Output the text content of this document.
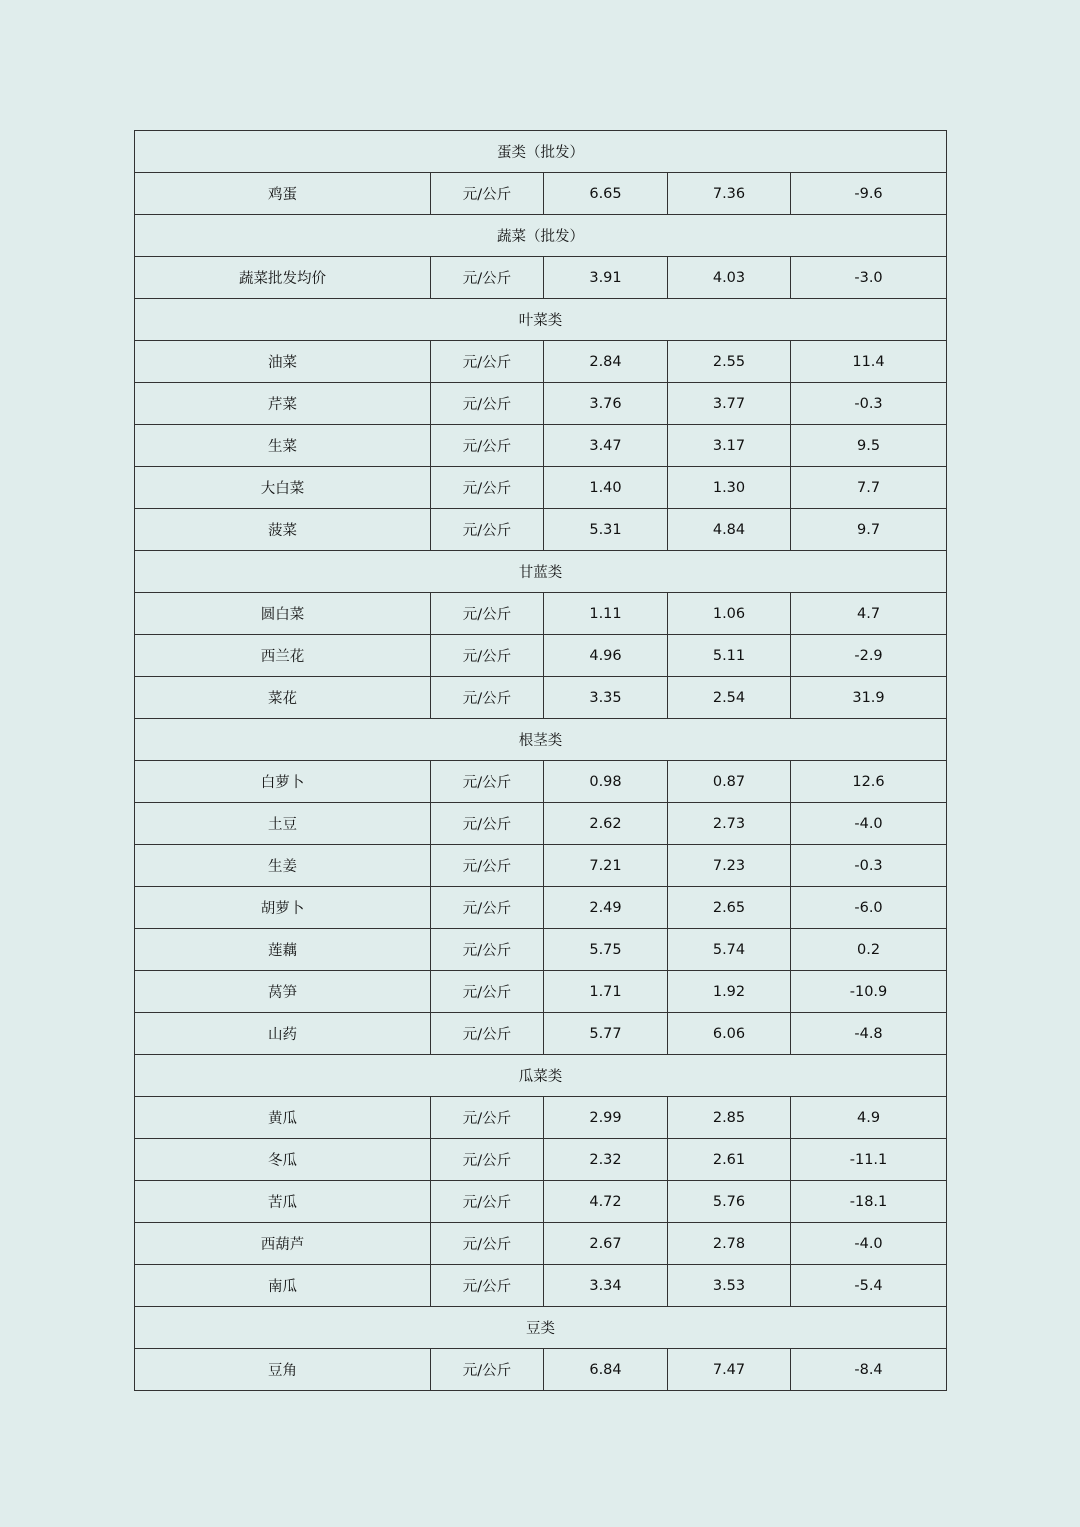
蛋类（批发）				
鸡蛋	元/公斤	6.65	7.36	-9.6
蔬菜（批发）				
蔬菜批发均价	元/公斤	3.91	4.03	-3.0
叶菜类				
油菜	元/公斤	2.84	2.55	11.4
芹菜	元/公斤	3.76	3.77	-0.3
生菜	元/公斤	3.47	3.17	9.5
大白菜	元/公斤	1.40	1.30	7.7
菠菜	元/公斤	5.31	4.84	9.7
甘蓝类				
圆白菜	元/公斤	1.11	1.06	4.7
西兰花	元/公斤	4.96	5.11	-2.9
菜花	元/公斤	3.35	2.54	31.9
根茎类				
白萝卜	元/公斤	0.98	0.87	12.6
土豆	元/公斤	2.62	2.73	-4.0
生姜	元/公斤	7.21	7.23	-0.3
胡萝卜	元/公斤	2.49	2.65	-6.0
莲藕	元/公斤	5.75	5.74	0.2
莴笋	元/公斤	1.71	1.92	-10.9
山药	元/公斤	5.77	6.06	-4.8
瓜菜类				
黄瓜	元/公斤	2.99	2.85	4.9
冬瓜	元/公斤	2.32	2.61	-11.1
苦瓜	元/公斤	4.72	5.76	-18.1
西葫芦	元/公斤	2.67	2.78	-4.0
南瓜	元/公斤	3.34	3.53	-5.4
豆类				
豆角	元/公斤	6.84	7.47	-8.4
